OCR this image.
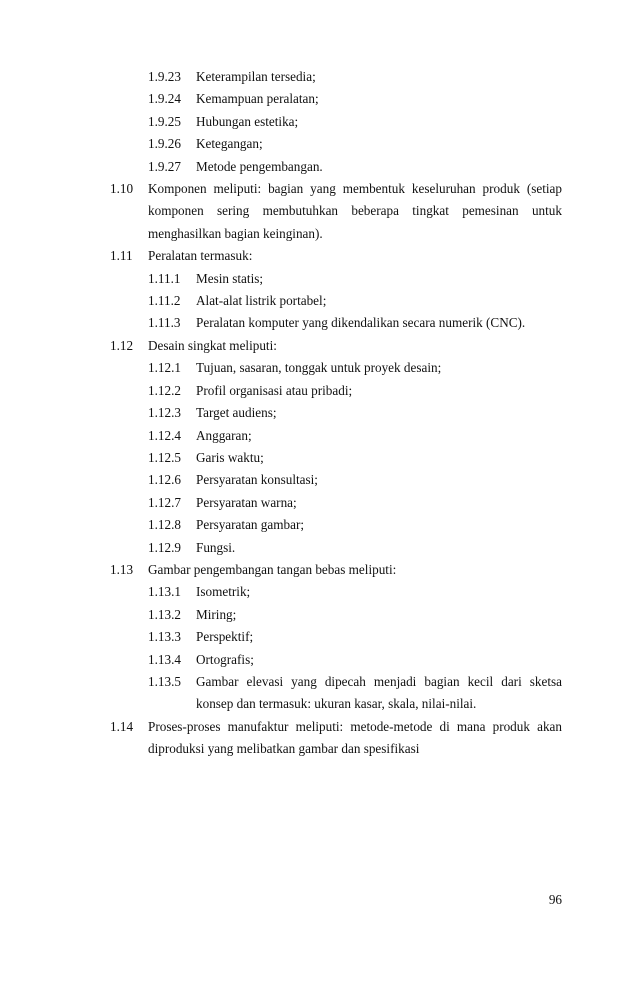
1.9.23	Keterampilan tersedia;
1.9.24	Kemampuan peralatan;
1.9.25	Hubungan estetika;
1.9.26	Ketegangan;
1.9.27	Metode pengembangan.
1.10	Komponen meliputi: bagian yang membentuk keseluruhan produk (setiap komponen sering membutuhkan beberapa tingkat pemesinan untuk menghasilkan bagian keinginan).
1.11	Peralatan termasuk:
1.11.1	Mesin statis;
1.11.2	Alat-alat listrik portabel;
1.11.3	Peralatan komputer yang dikendalikan secara numerik (CNC).
1.12	Desain singkat meliputi:
1.12.1	Tujuan, sasaran, tonggak untuk proyek desain;
1.12.2	Profil organisasi atau pribadi;
1.12.3	Target audiens;
1.12.4	Anggaran;
1.12.5	Garis waktu;
1.12.6	Persyaratan konsultasi;
1.12.7	Persyaratan warna;
1.12.8	Persyaratan gambar;
1.12.9	Fungsi.
1.13	Gambar pengembangan tangan bebas meliputi:
1.13.1	Isometrik;
1.13.2	Miring;
1.13.3	Perspektif;
1.13.4	Ortografis;
1.13.5	Gambar elevasi yang dipecah menjadi bagian kecil dari sketsa konsep dan termasuk: ukuran kasar, skala, nilai-nilai.
1.14	Proses-proses manufaktur meliputi: metode-metode di mana produk akan diproduksi yang melibatkan gambar dan spesifikasi
96
